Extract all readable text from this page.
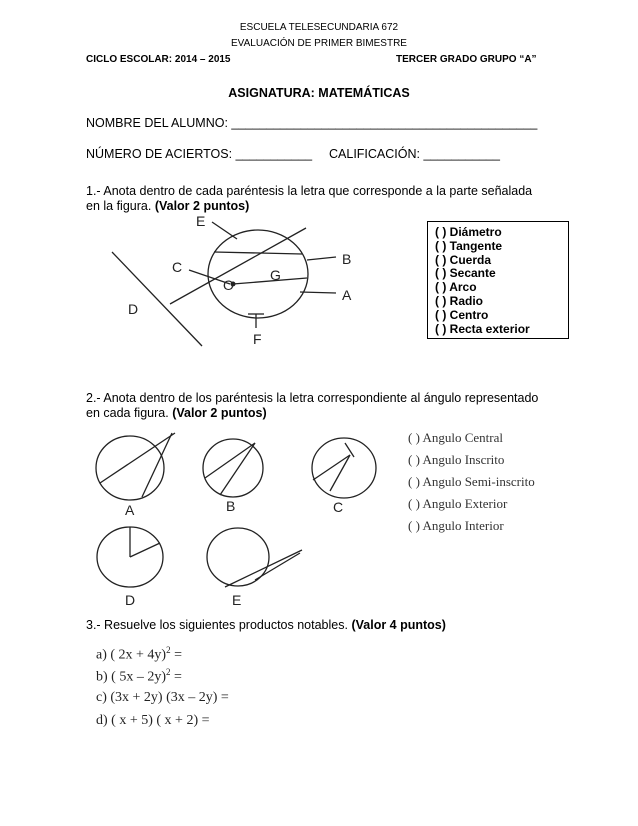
ESCUELA TELESECUNDARIA 672
EVALUACIÓN DE PRIMER BIMESTRE
CICLO ESCOLAR: 2014 – 2015	TERCER GRADO GRUPO “A”
ASIGNATURA: MATEMÁTICAS
NOMBRE DEL ALUMNO: ____________________________________________
NÚMERO DE ACIERTOS: ___________ CALIFICACIÓN: ___________
1.- Anota dentro de cada paréntesis la letra que corresponde a la parte señalada
en la figura. (Valor 2 puntos)
E
C
O
G
B
A
D
F
( ) Diámetro
( ) Tangente
( ) Cuerda
( ) Secante
( ) Arco
( ) Radio
( ) Centro
( ) Recta exterior
2.- Anota dentro de los paréntesis la letra correspondiente al ángulo representado
en cada figura. (Valor 2 puntos)
A	B	C
D	E
( ) Angulo Central
( ) Angulo Inscrito
( ) Angulo Semi-inscrito
( ) Angulo Exterior
( ) Angulo Interior
3.- Resuelve los siguientes productos notables. (Valor 4 puntos)
a) ( 2x + 4y)$^2$ =
b) ( 5x – 2y)$^2$ =
c) (3x + 2y) (3x – 2y) =
d) ( x + 5) ( x + 2) =
